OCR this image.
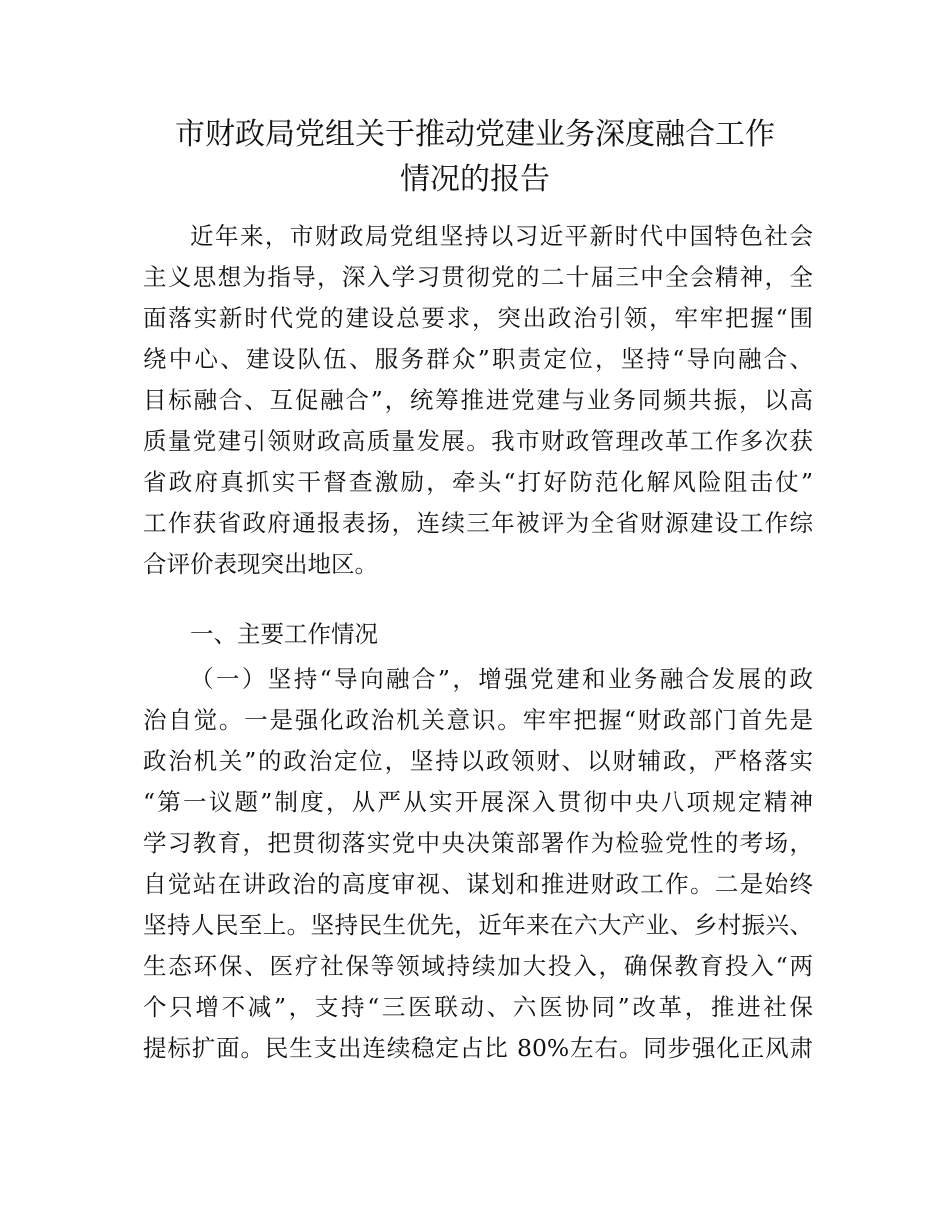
市财政局党组关于推动党建业务深度融合工作
情况的报告
近年来，市财政局党组坚持以习近平新时代中国特色社会
主义思想为指导，深入学习贯彻党的二十届三中全会精神，全
面落实新时代党的建设总要求，突出政治引领，牢牢把握“围
绕中心、建设队伍、服务群众”职责定位，坚持“导向融合、
目标融合、互促融合”，统筹推进党建与业务同频共振，以高
质量党建引领财政高质量发展。我市财政管理改革工作多次获
省政府真抓实干督查激励，牵头“打好防范化解风险阻击仗”
工作获省政府通报表扬，连续三年被评为全省财源建设工作综
合评价表现突出地区。
一、主要工作情况
（一）坚持“导向融合”，增强党建和业务融合发展的政
治自觉。一是强化政治机关意识。牢牢把握“财政部门首先是
政治机关”的政治定位，坚持以政领财、以财辅政，严格落实
“第一议题”制度，从严从实开展深入贯彻中央八项规定精神
学习教育，把贯彻落实党中央决策部署作为检验党性的考场，
自觉站在讲政治的高度审视、谋划和推进财政工作。二是始终
坚持人民至上。坚持民生优先，近年来在六大产业、乡村振兴、
生态环保、医疗社保等领域持续加大投入，确保教育投入“两
个只增不减”，支持“三医联动、六医协同”改革，推进社保
提标扩面。民生支出连续稳定占比 80%左右。同步强化正风肃
